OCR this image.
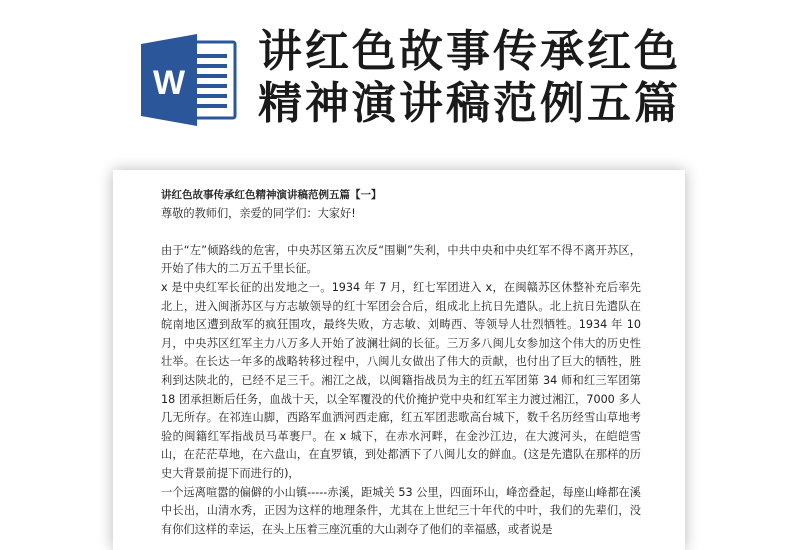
W
讲红色故事传承红色
精神演讲稿范例五篇

讲红色故事传承红色精神演讲稿范例五篇【一】

尊敬的教师们，亲爱的同学们：大家好!

由于“左”倾路线的危害，中央苏区第五次反“围剿”失利，中共中央和中央红军不得不离开苏区，开始了伟大的二万五千里长征。

x 是中央红军长征的出发地之一。1934 年 7 月，红七军团进入 x，在闽赣苏区休整补充后率先北上，进入闽浙苏区与方志敏领导的红十军团会合后，组成北上抗日先遣队。北上抗日先遣队在皖南地区遭到敌军的疯狂围攻，最终失败，方志敏、刘畴西、等领导人壮烈牺牲。1934 年 10 月，中央苏区红军主力八万多人开始了波澜壮阔的长征。三万多八闽儿女参加这个伟大的历史性壮举。在长达一年多的战略转移过程中，八闽儿女做出了伟大的贡献，也付出了巨大的牺牲，胜利到达陕北的，已经不足三千。湘江之战，以闽籍指战员为主的红五军团第 34 师和红三军团第 18 团承担断后任务，血战十天，以全军覆没的代价掩护党中央和红军主力渡过湘江，7000 多人几无所存。在祁连山脚，西路军血洒河西走廊，红五军团悲歌高台城下，数千名历经雪山草地考验的闽籍红军指战员马革裹尸。在 x 城下，在赤水河畔，在金沙江边，在大渡河头，在皑皑雪山，在茫茫草地，在六盘山，在直罗镇，到处都洒下了八闽儿女的鲜血。(这是先遣队在那样的历史大背景前提下而进行的)，

一个远离喧嚣的偏僻的小山镇-----赤溪，距城关 53 公里，四面环山，峰峦叠起，每座山峰都在溪中长出，山清水秀，正因为这样的地理条件，尤其在上世纪三十年代的中叶，我们的先辈们，没有你们这样的幸运，在头上压着三座沉重的大山剥夺了他们的幸福感，或者说是
